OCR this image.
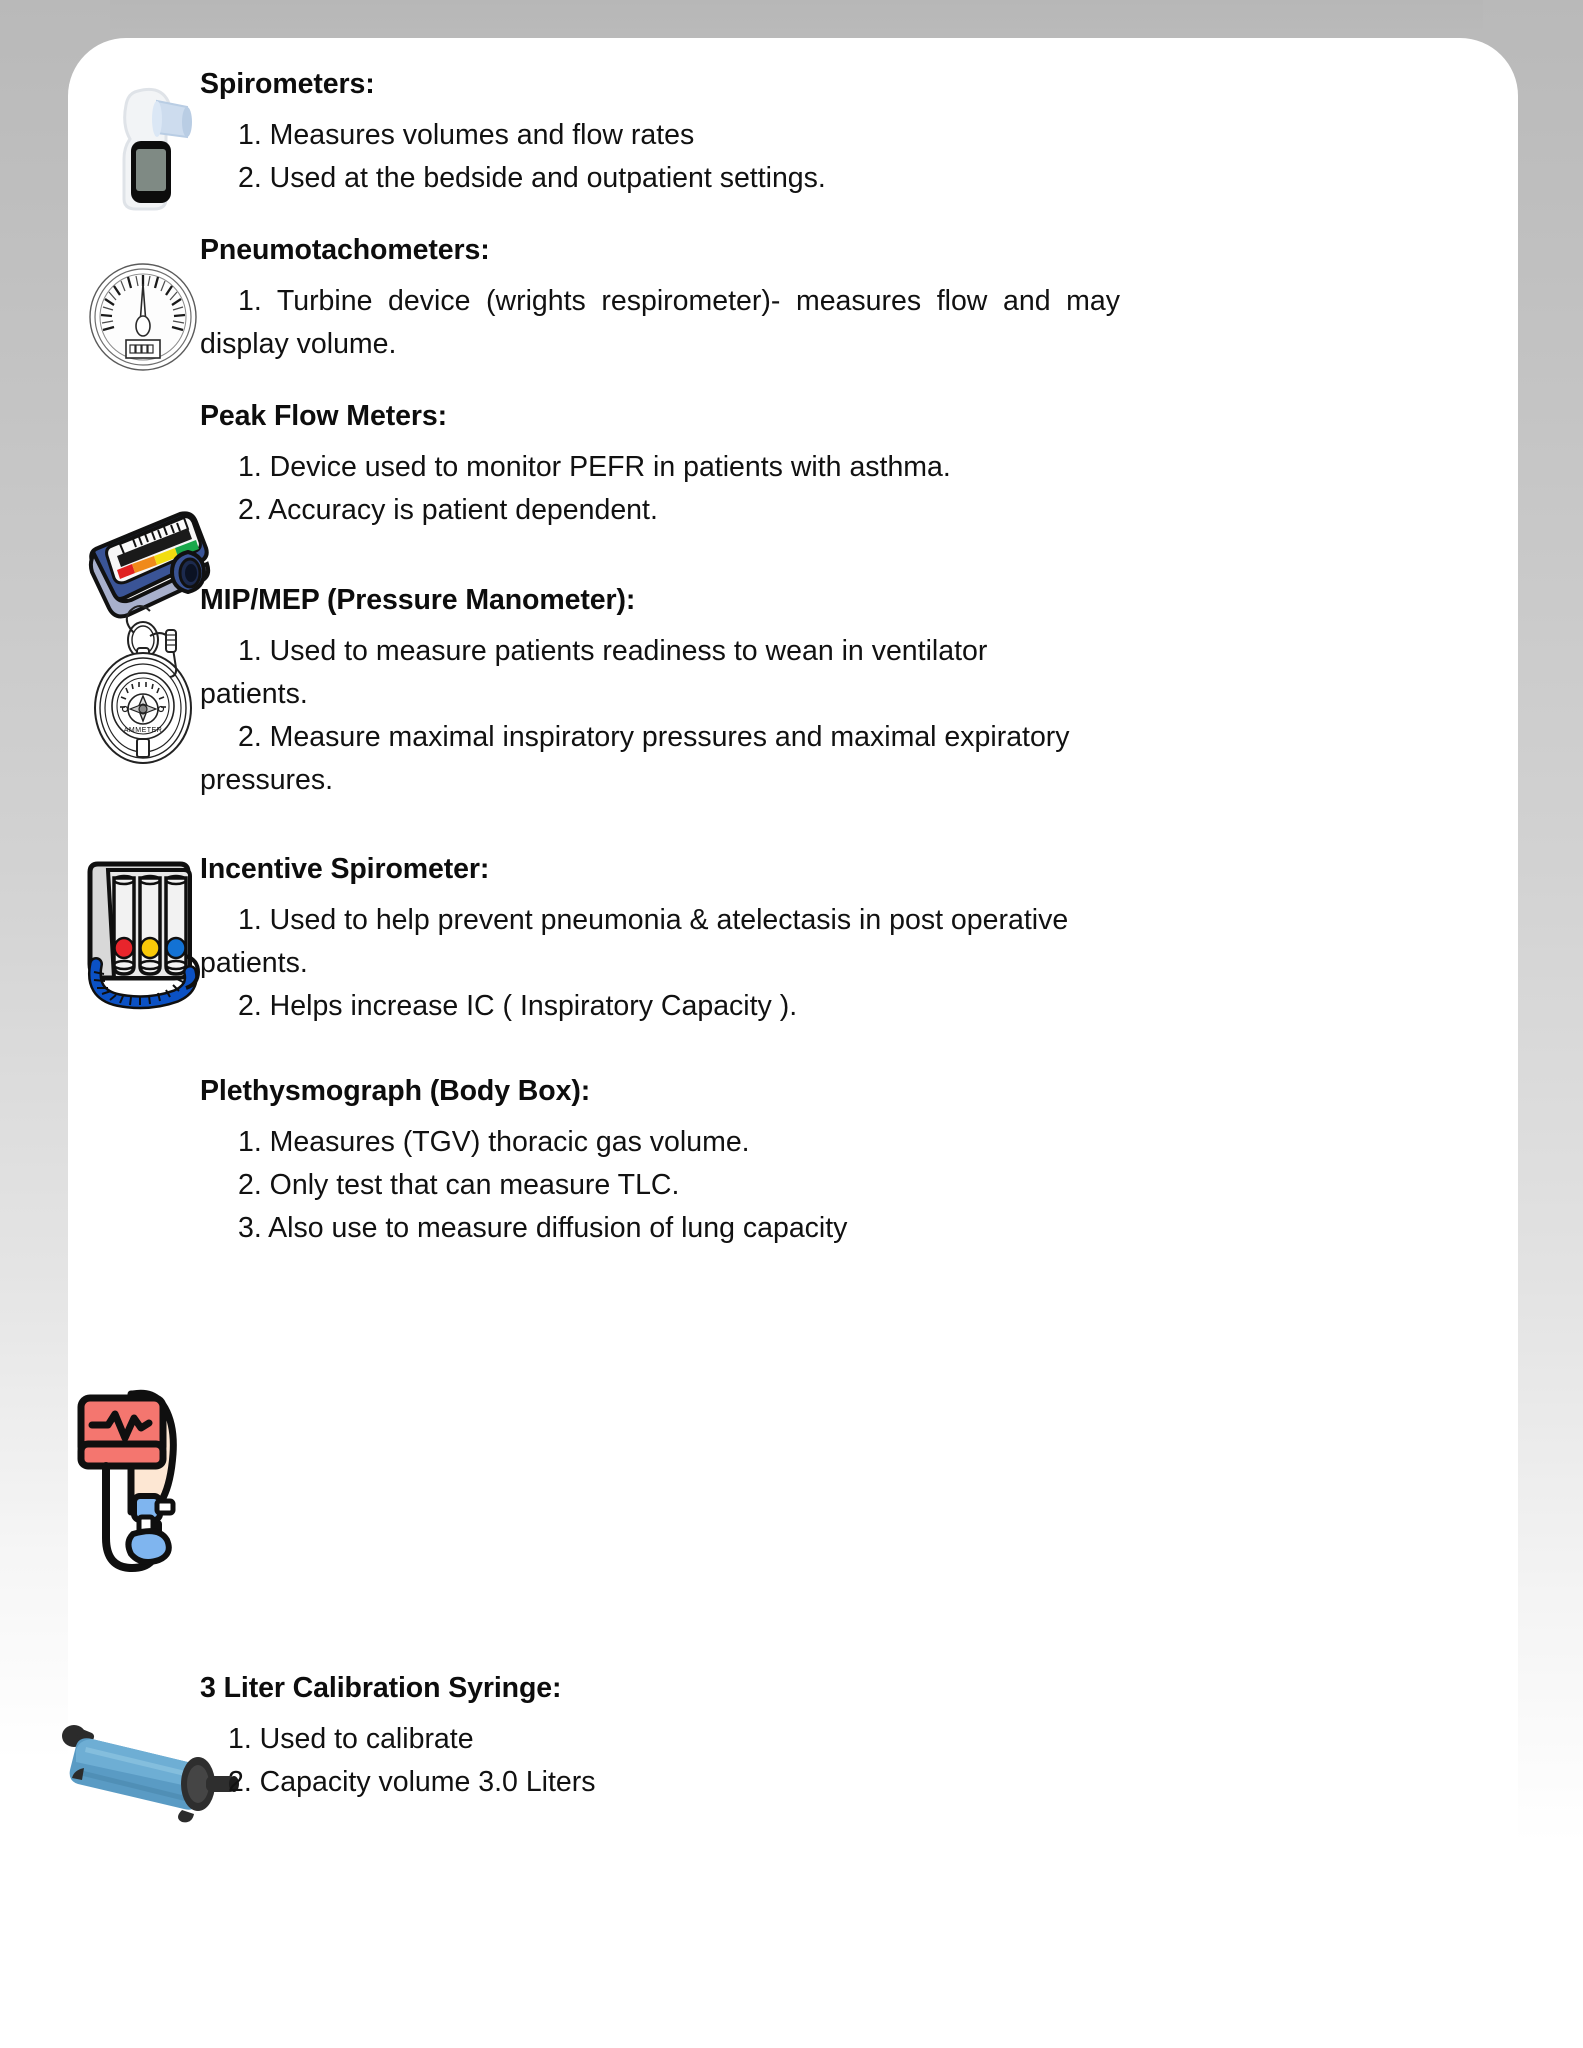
Spirometers:
1. Measures volumes and flow rates
2. Used at the bedside and outpatient settings.
Pneumotachometers:
1. Turbine device (wrights respirometer)- measures flow and may display volume.
Peak Flow Meters:
1. Device used to monitor PEFR in patients with asthma.
2. Accuracy is patient dependent.
AMMETER
MIP/MEP (Pressure Manometer):
1. Used to measure patients readiness to wean in ventilator patients.
2. Measure maximal inspiratory pressures and maximal expiratory pressures.
Incentive Spirometer:
1. Used to help prevent pneumonia & atelectasis in post operative patients.
2. Helps increase IC ( Inspiratory Capacity ).
Plethysmograph (Body Box):
1. Measures (TGV) thoracic gas volume.
2. Only test that can measure TLC.
3. Also use to measure diffusion of lung capacity
3 Liter Calibration Syringe:
1. Used to calibrate
2. Capacity volume 3.0 Liters
